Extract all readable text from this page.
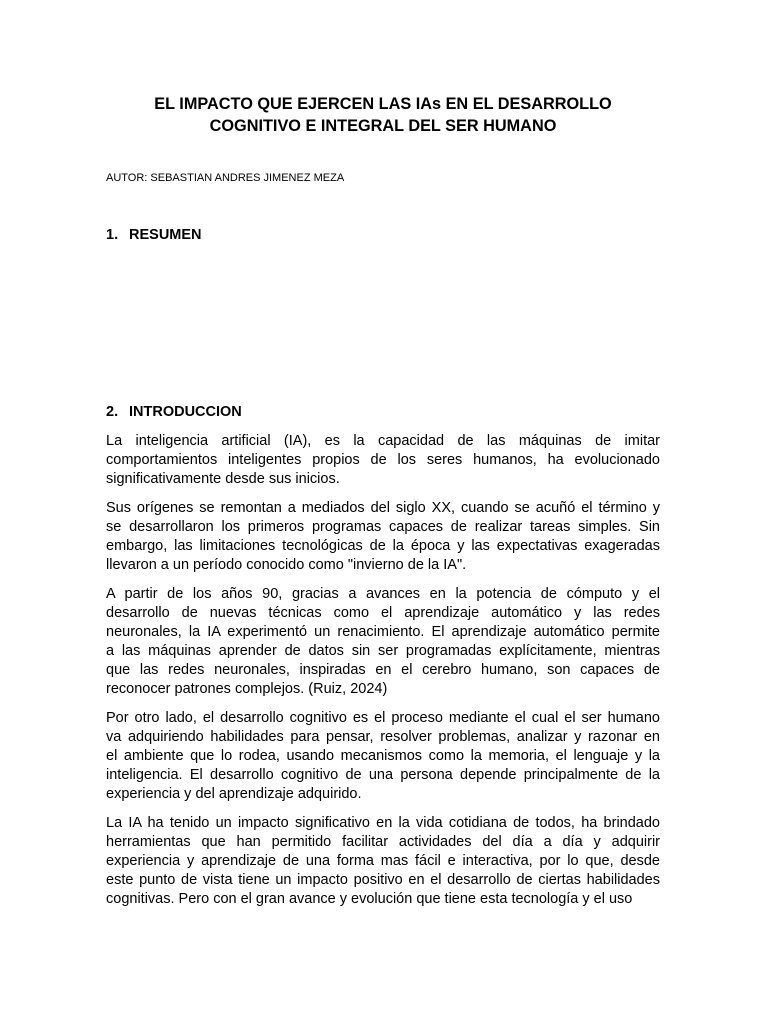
EL IMPACTO QUE EJERCEN LAS IAs EN EL DESARROLLO
COGNITIVO E INTEGRAL DEL SER HUMANO
AUTOR: SEBASTIAN ANDRES JIMENEZ MEZA
1. RESUMEN
2. INTRODUCCION

La inteligencia artificial (IA), es la capacidad de las máquinas de imitar
comportamientos inteligentes propios de los seres humanos, ha evolucionado
significativamente desde sus inicios.

Sus orígenes se remontan a mediados del siglo XX, cuando se acuñó el término y
se desarrollaron los primeros programas capaces de realizar tareas simples. Sin
embargo, las limitaciones tecnológicas de la época y las expectativas exageradas
llevaron a un período conocido como "invierno de la IA".

A partir de los años 90, gracias a avances en la potencia de cómputo y el
desarrollo de nuevas técnicas como el aprendizaje automático y las redes
neuronales, la IA experimentó un renacimiento. El aprendizaje automático permite
a las máquinas aprender de datos sin ser programadas explícitamente, mientras
que las redes neuronales, inspiradas en el cerebro humano, son capaces de
reconocer patrones complejos. (Ruiz, 2024)

Por otro lado, el desarrollo cognitivo es el proceso mediante el cual el ser humano
va adquiriendo habilidades para pensar, resolver problemas, analizar y razonar en
el ambiente que lo rodea, usando mecanismos como la memoria, el lenguaje y la
inteligencia. El desarrollo cognitivo de una persona depende principalmente de la
experiencia y del aprendizaje adquirido.

La IA ha tenido un impacto significativo en la vida cotidiana de todos, ha brindado
herramientas que han permitido facilitar actividades del día a día y adquirir
experiencia y aprendizaje de una forma mas fácil e interactiva, por lo que, desde
este punto de vista tiene un impacto positivo en el desarrollo de ciertas habilidades
cognitivas. Pero con el gran avance y evolución que tiene esta tecnología y el uso
